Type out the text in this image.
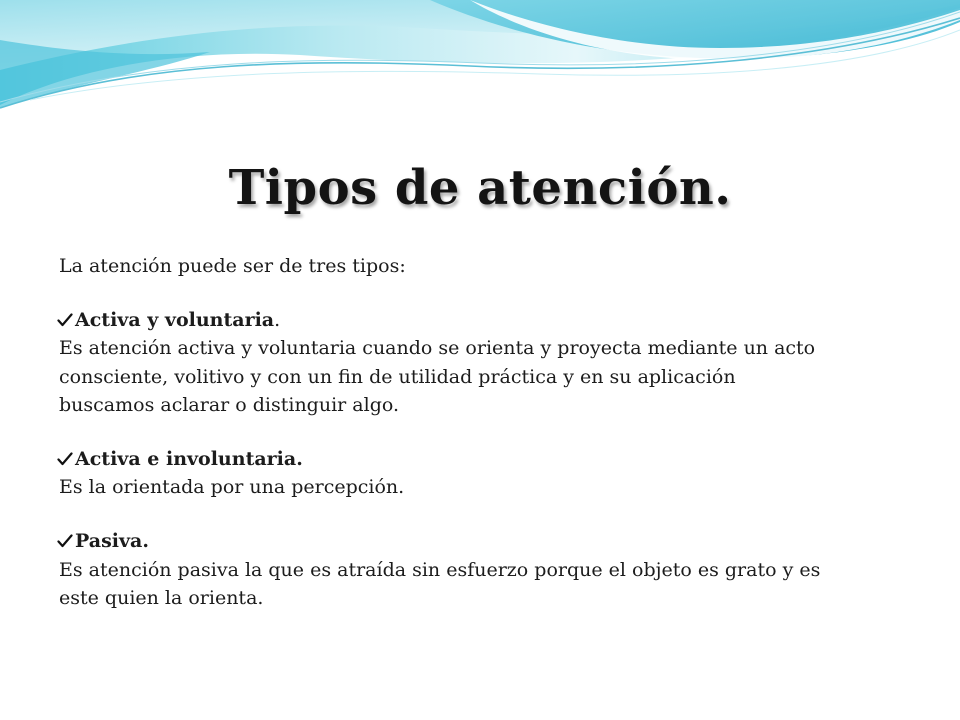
Tipos de atención.

La atención puede ser de tres tipos:

Activa y voluntaria.

Es atención activa y voluntaria cuando se orienta y proyecta mediante un acto

consciente, volitivo y con un fin de utilidad práctica y en su aplicación

buscamos aclarar o distinguir algo.

Activa e involuntaria.

Es la orientada por una percepción.

Pasiva.

Es atención pasiva la que es atraída sin esfuerzo porque el objeto es grato y es

este quien la orienta.
